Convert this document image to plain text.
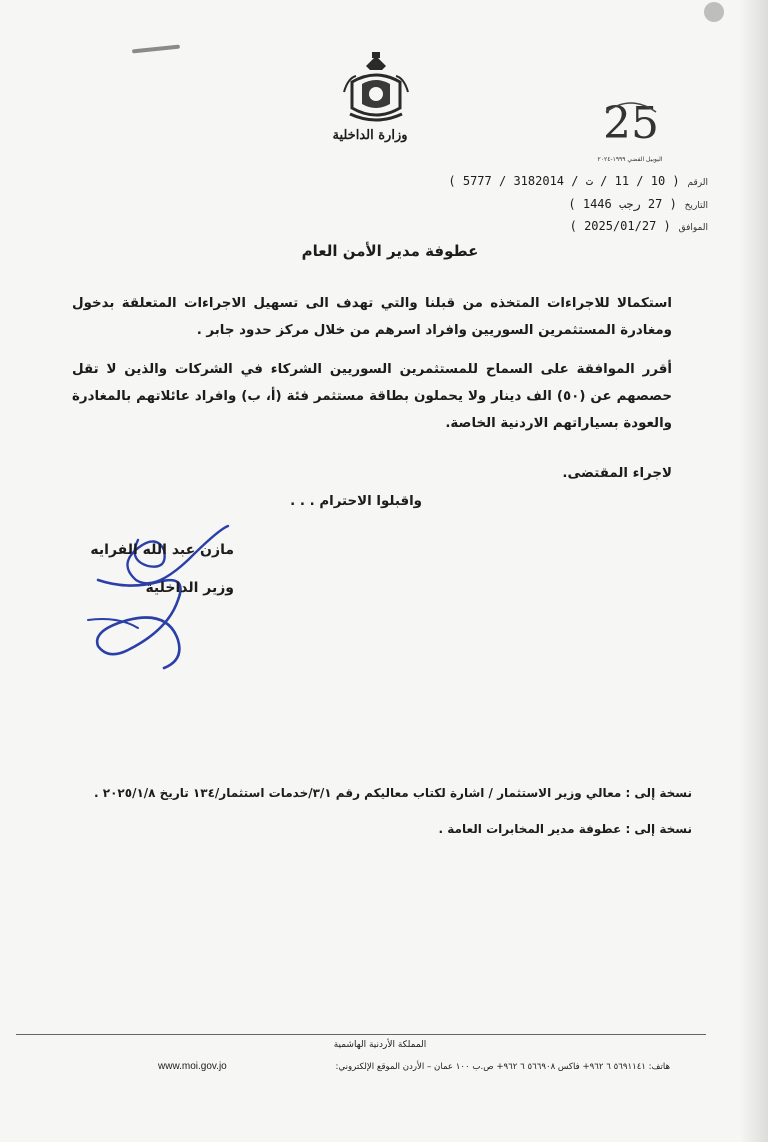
وزارة الداخلية	25
اليوبيل الفضي ١٩٩٩-٢٠٢٤
الرقم ( 10 / 11 / ت / 3182014 / 5777 )
التاريخ ( 27 رجب 1446 )
الموافق ( 2025/01/27 )
عطوفة مدير الأمن العام
استكمالا للاجراءات المتخذه من قبلنا والتي تهدف الى تسهيل الاجراءات المتعلقة بدخول ومغادرة المستثمرين السوريين وافراد اسرهم من خلال مركز حدود جابر .
أقرر الموافقة على السماح للمستثمرين السوريين الشركاء في الشركات والذين لا تقل حصصهم عن (٥٠) الف دينار ولا يحملون بطاقة مستثمر فئة (أ، ب) وافراد عائلاتهم بالمغادرة والعودة بسياراتهم الاردنية الخاصة.
لاجراء المقتضى.
واقبلوا الاحترام . . .
مازن عبد الله الفرايه
وزير الداخلية
نسخة إلى : معالي وزير الاستثمار / اشارة لكتاب معاليكم رقم ٣/١/خدمات استثمار/١٣٤ تاريخ ٢٠٢٥/١/٨ .
نسخة إلى : عطوفة مدير المخابرات العامة .
المملكة الأردنية الهاشمية
هاتف: ٥٦٩١١٤١ ٦ ٩٦٢+ فاكس ٥٦٦٩٠٨ ٦ ٩٦٢+ ص.ب ١٠٠ عمان – الأردن الموقع الإلكتروني:
www.moi.gov.jo
